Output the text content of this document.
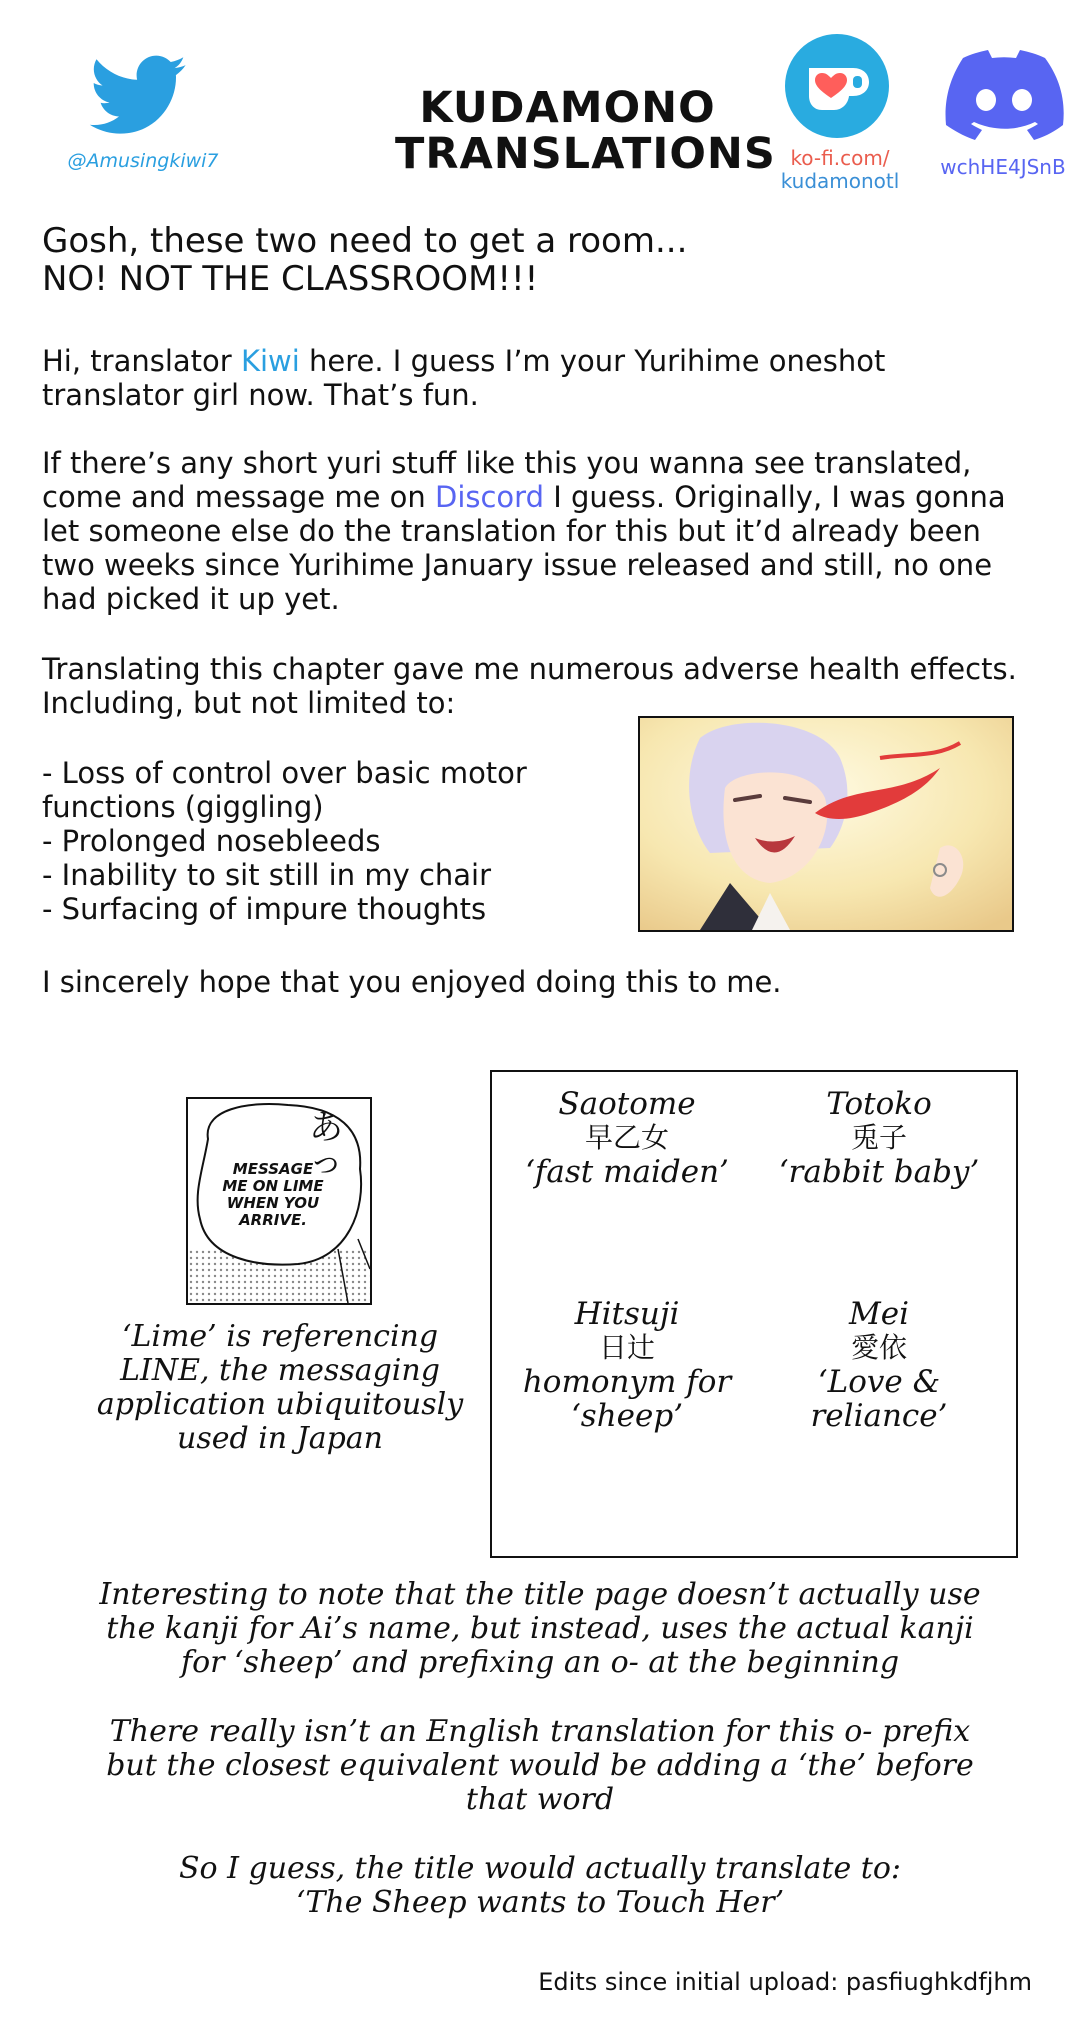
@Amusingkiwi7
KUDAMONO
TRANSLATIONS ko-fi.com/
kudamonotl
wchHE4JSnB
Gosh, these two need to get a room...
NO! NOT THE CLASSROOM!!!
Hi, translator Kiwi here. I guess I’m your Yurihime oneshot
translator girl now. That’s fun.
If there’s any short yuri stuff like this you wanna see translated,
come and message me on Discord I guess. Originally, I was gonna
let someone else do the translation for this but it’d already been
two weeks since Yurihime January issue released and still, no one
had picked it up yet.
Translating this chapter gave me numerous adverse health effects.
Including, but not limited to:
- Loss of control over basic motor
functions (giggling)
- Prolonged nosebleeds
- Inability to sit still in my chair
- Surfacing of impure thoughts
I sincerely hope that you enjoyed doing this to me.
MESSAGE
ME ON LIME
WHEN YOU
ARRIVE.
あっ
‘Lime’ is referencing
LINE, the messaging
application ubiquitously
used in Japan
Saotome
早乙女
‘fast maiden’
Totoko
兎子
‘rabbit baby’
Hitsuji
日辻
homonym for
‘sheep’
Mei
愛依
‘Love &
reliance’
Interesting to note that the title page doesn’t actually use
the kanji for Ai’s name, but instead, uses the actual kanji
for ‘sheep’ and prefixing an o- at the beginning
There really isn’t an English translation for this o- prefix
but the closest equivalent would be adding a ‘the’ before
that word
So I guess, the title would actually translate to:
‘The Sheep wants to Touch Her’
Edits since initial upload: pasfiughkdfjhm
